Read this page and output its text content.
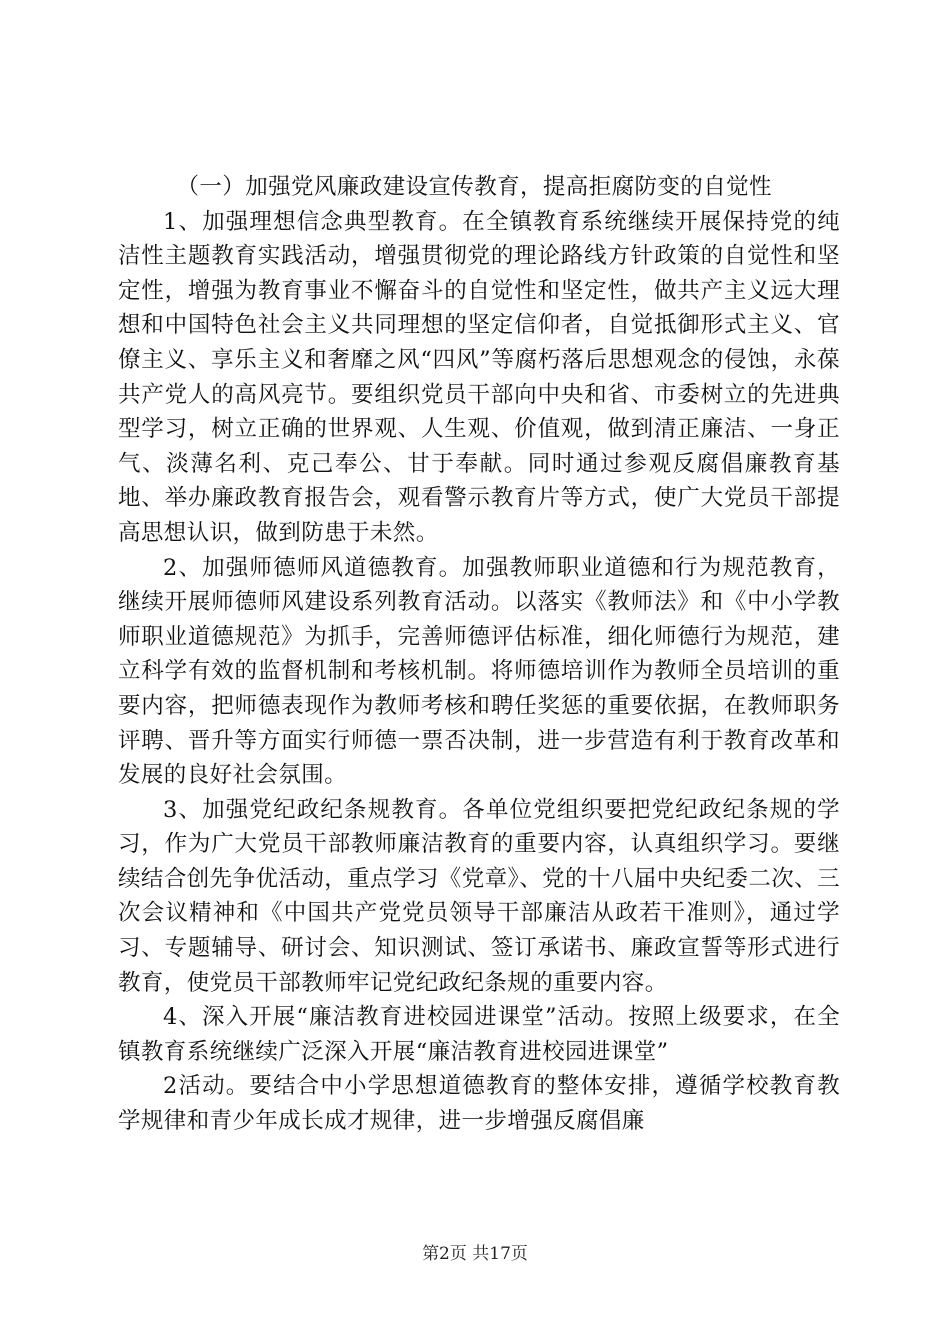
（一）加强党风廉政建设宣传教育，提高拒腐防变的自觉性

1、加强理想信念典型教育。在全镇教育系统继续开展保持党的纯洁性主题教育实践活动，增强贯彻党的理论路线方针政策的自觉性和坚定性，增强为教育事业不懈奋斗的自觉性和坚定性，做共产主义远大理想和中国特色社会主义共同理想的坚定信仰者，自觉抵御形式主义、官僚主义、享乐主义和奢靡之风“四风”等腐朽落后思想观念的侵蚀，永葆共产党人的高风亮节。要组织党员干部向中央和省、市委树立的先进典型学习，树立正确的世界观、人生观、价值观，做到清正廉洁、一身正气、淡薄名利、克己奉公、甘于奉献。同时通过参观反腐倡廉教育基地、举办廉政教育报告会，观看警示教育片等方式，使广大党员干部提高思想认识，做到防患于未然。

2、加强师德师风道德教育。加强教师职业道德和行为规范教育，继续开展师德师风建设系列教育活动。以落实《教师法》和《中小学教师职业道德规范》为抓手，完善师德评估标准，细化师德行为规范，建立科学有效的监督机制和考核机制。将师德培训作为教师全员培训的重要内容，把师德表现作为教师考核和聘任奖惩的重要依据，在教师职务评聘、晋升等方面实行师德一票否决制，进一步营造有利于教育改革和发展的良好社会氛围。

3、加强党纪政纪条规教育。各单位党组织要把党纪政纪条规的学习，作为广大党员干部教师廉洁教育的重要内容，认真组织学习。要继续结合创先争优活动，重点学习《党章》、党的十八届中央纪委二次、三次会议精神和《中国共产党党员领导干部廉洁从政若干准则》，通过学习、专题辅导、研讨会、知识测试、签订承诺书、廉政宣誓等形式进行教育，使党员干部教师牢记党纪政纪条规的重要内容。

4、深入开展“廉洁教育进校园进课堂”活动。按照上级要求，在全镇教育系统继续广泛深入开展“廉洁教育进校园进课堂”

2活动。要结合中小学思想道德教育的整体安排，遵循学校教育教学规律和青少年成长成才规律，进一步增强反腐倡廉

第2页 共17页
